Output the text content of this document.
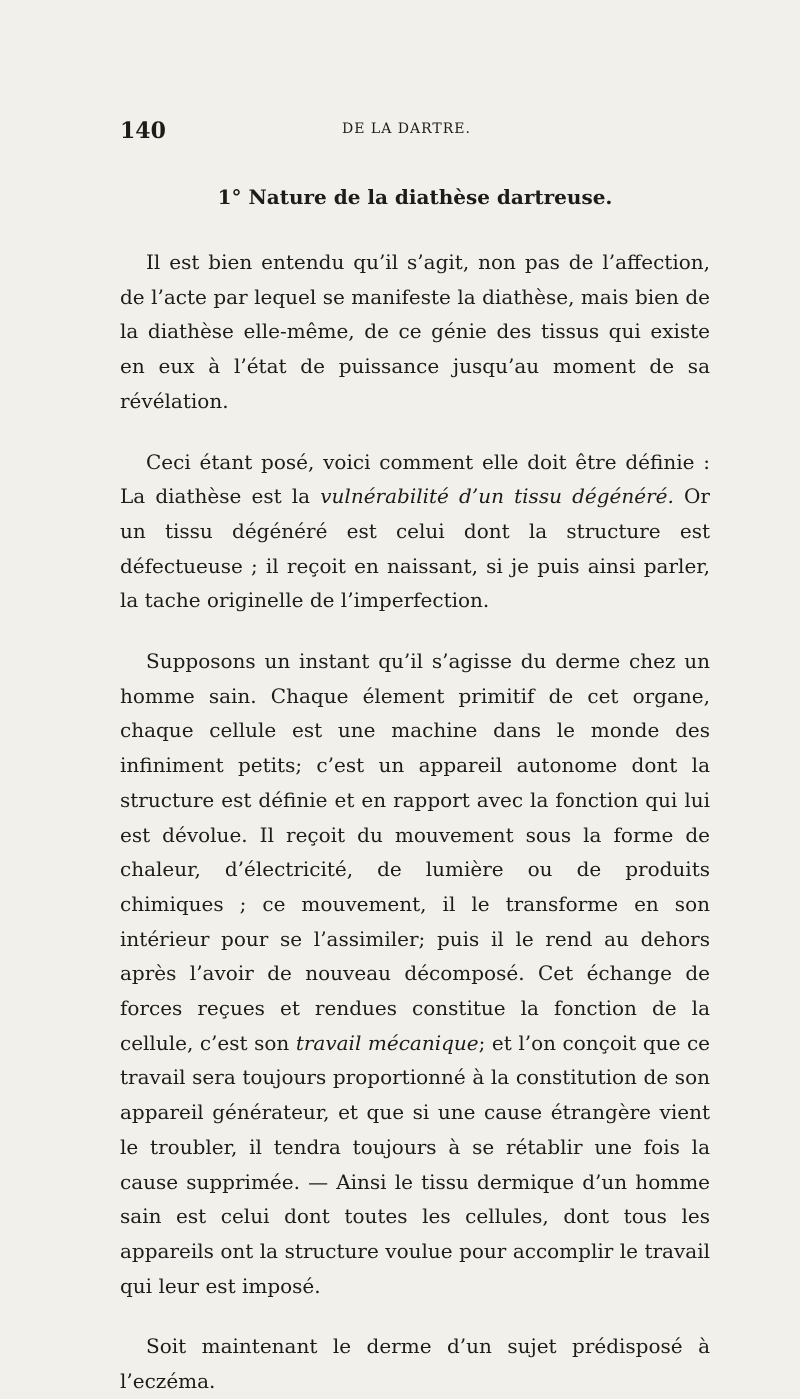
140	DE LA DARTRE.
1° Nature de la diathèse dartreuse.

Il est bien entendu qu’il s’agit, non pas de l’affection, de l’acte par lequel se manifeste la diathèse, mais bien de la diathèse elle-même, de ce génie des tissus qui existe en eux à l’état de puissance jusqu’au moment de sa révélation.

Ceci étant posé, voici comment elle doit être définie : La diathèse est la vulnérabilité d’un tissu dégénéré. Or un tissu dégénéré est celui dont la structure est défectueuse ; il reçoit en naissant, si je puis ainsi parler, la tache originelle de l’imperfection.

Supposons un instant qu’il s’agisse du derme chez un homme sain. Chaque élement primitif de cet organe, chaque cellule est une machine dans le monde des infiniment petits; c’est un appareil autonome dont la structure est définie et en rapport avec la fonction qui lui est dévolue. Il reçoit du mouvement sous la forme de chaleur, d’électricité, de lumière ou de produits chimiques ; ce mouvement, il le transforme en son intérieur pour se l’assimiler; puis il le rend au dehors après l’avoir de nouveau décomposé. Cet échange de forces reçues et rendues constitue la fonction de la cellule, c’est son travail mécanique; et l’on conçoit que ce travail sera toujours proportionné à la constitution de son appareil générateur, et que si une cause étrangère vient le troubler, il tendra toujours à se rétablir une fois la cause supprimée. — Ainsi le tissu dermique d’un homme sain est celui dont toutes les cellules, dont tous les appareils ont la structure voulue pour accomplir le travail qui leur est imposé.

Soit maintenant le derme d’un sujet prédisposé à l’eczéma.
